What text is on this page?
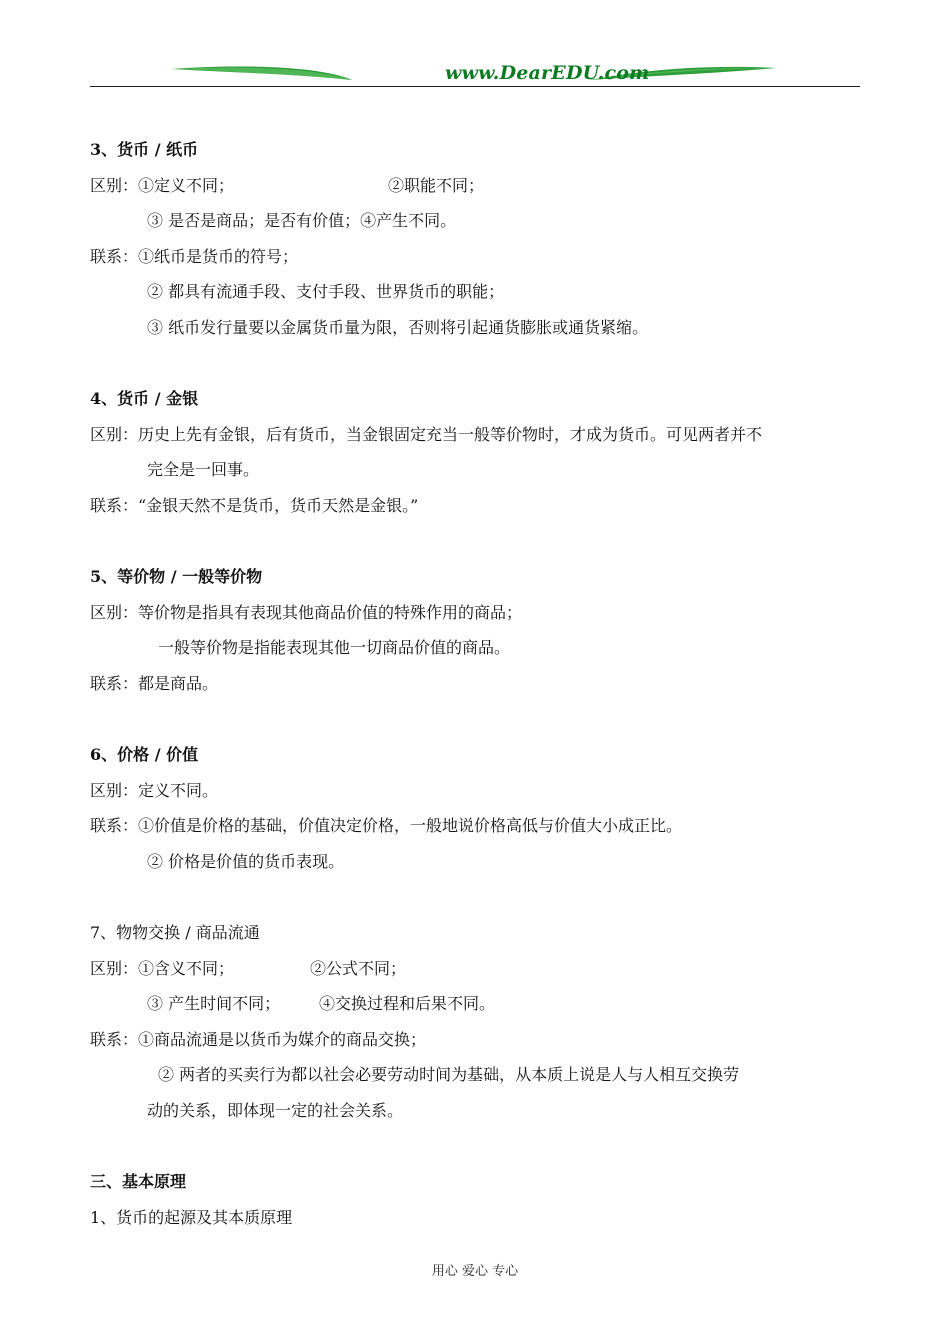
www.DearEDU.com
3、货币 / 纸币
区别：①定义不同；	②职能不同；
③ 是否是商品；是否有价值；④产生不同。
联系：①纸币是货币的符号；
② 都具有流通手段、支付手段、世界货币的职能；
③ 纸币发行量要以金属货币量为限，否则将引起通货膨胀或通货紧缩。
4、货币 / 金银
区别：历史上先有金银，后有货币，当金银固定充当一般等价物时，才成为货币。可见两者并不
完全是一回事。
联系：“金银天然不是货币，货币天然是金银。”
5、等价物 / 一般等价物
区别：等价物是指具有表现其他商品价值的特殊作用的商品；
一般等价物是指能表现其他一切商品价值的商品。
联系：都是商品。
6、价格 / 价值
区别：定义不同。
联系：①价值是价格的基础，价值决定价格，一般地说价格高低与价值大小成正比。
② 价格是价值的货币表现。
7、物物交换 / 商品流通
区别：①含义不同；	②公式不同；
③ 产生时间不同； ④交换过程和后果不同。
联系：①商品流通是以货币为媒介的商品交换；
② 两者的买卖行为都以社会必要劳动时间为基础，从本质上说是人与人相互交换劳
动的关系，即体现一定的社会关系。
三、基本原理
1、货币的起源及其本质原理
用心 爱心 专心
